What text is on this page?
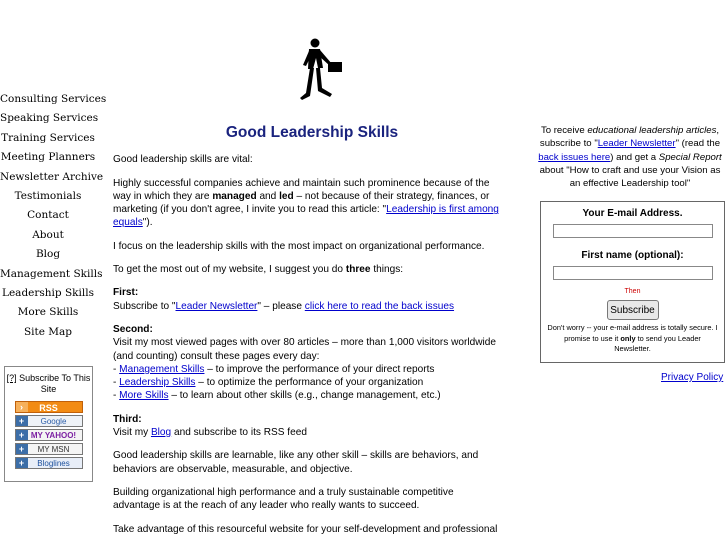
Consulting Services
Speaking Services
Training Services
Meeting Planners
Newsletter Archive
Testimonials
Contact
About
Blog
Management Skills
Leadership Skills
More Skills
Site Map
[?] Subscribe To This Site
›	RSS
+	Google
+ MY YAHOO!
+	MY MSN
+	Bloglines
Good Leadership Skills

Good leadership skills are vital:

Highly successful companies achieve and maintain such prominence because of the way in which they are managed and led – not because of their strategy, finances, or marketing (if you don't agree, I invite you to read this article: "Leadership is first among equals").

I focus on the leadership skills with the most impact on organizational performance.

To get the most out of my website, I suggest you do three things:

First:
Subscribe to "Leader Newsletter" – please click here to read the back issues

Second:
Visit my most viewed pages with over 80 articles – more than 1,000 visitors worldwide (and counting) consult these pages every day:
- Management Skills – to improve the performance of your direct reports
- Leadership Skills – to optimize the performance of your organization
- More Skills – to learn about other skills (e.g., change management, etc.)

Third:
Visit my Blog and subscribe to its RSS feed

Good leadership skills are learnable, like any other skill – skills are behaviors, and behaviors are observable, measurable, and objective.

Building organizational high performance and a truly sustainable competitive advantage is at the reach of any leader who really wants to succeed.

Take advantage of this resourceful website for your self-development and professional

To receive educational leadership articles, subscribe to "Leader Newsletter" (read the back issues here) and get a Special Report about "How to craft and use your Vision as an effective Leadership tool"
Your E-mail Address.
First name (optional):
Then
Subscribe
Don't worry -- your e-mail address is totally secure. I promise to use it only to send you Leader Newsletter.
Privacy Policy
